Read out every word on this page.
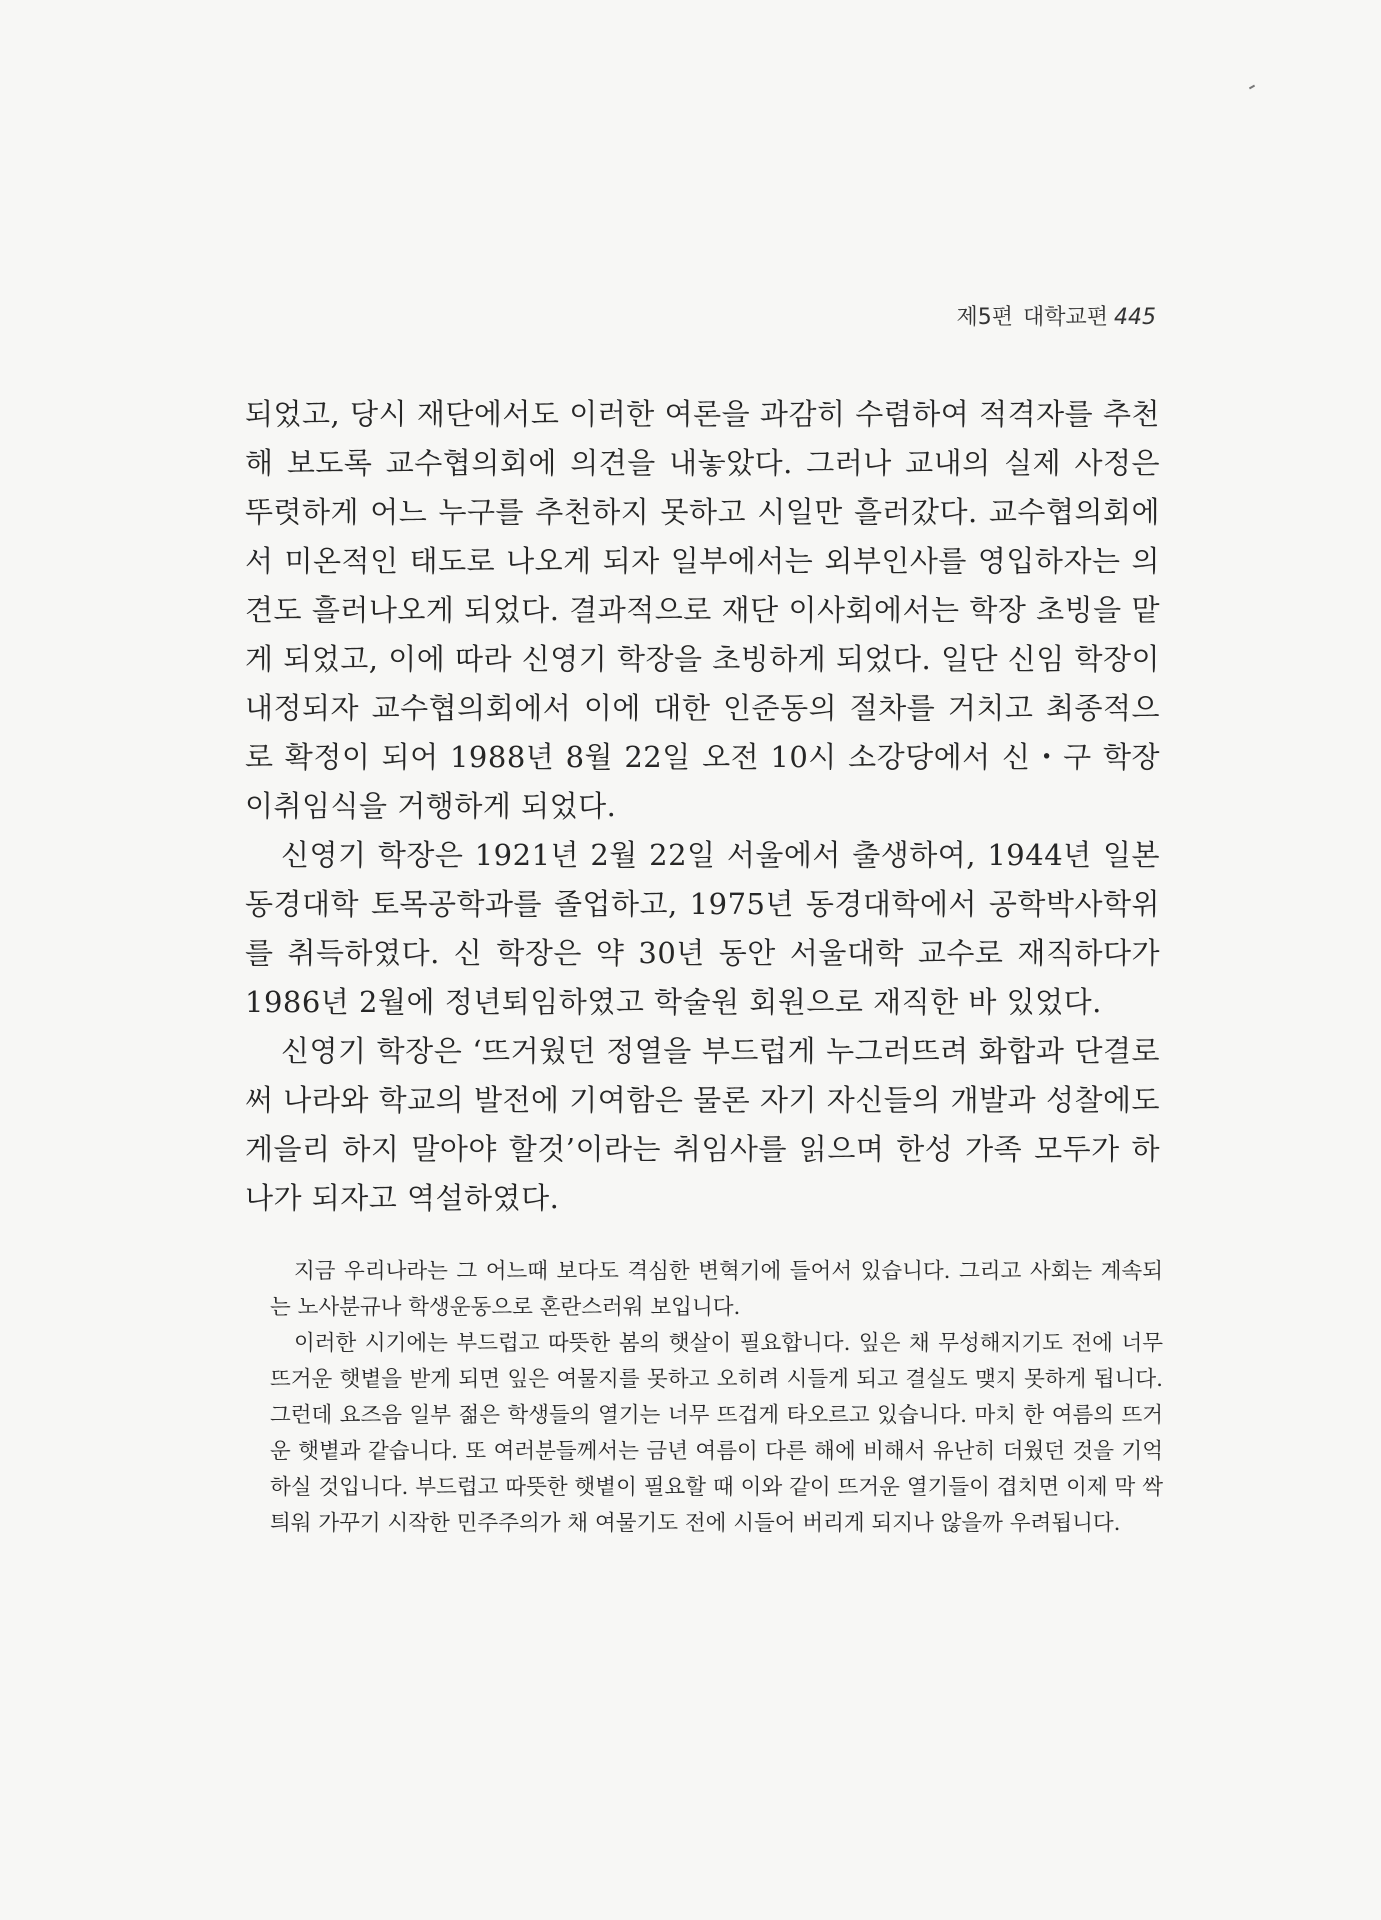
제5편 대학교편 445

되었고, 당시 재단에서도 이러한 여론을 과감히 수렴하여 적격자를 추천해 보도록 교수협의회에 의견을 내놓았다. 그러나 교내의 실제 사정은 뚜렷하게 어느 누구를 추천하지 못하고 시일만 흘러갔다. 교수협의회에서 미온적인 태도로 나오게 되자 일부에서는 외부인사를 영입하자는 의견도 흘러나오게 되었다. 결과적으로 재단 이사회에서는 학장 초빙을 맡게 되었고, 이에 따라 신영기 학장을 초빙하게 되었다. 일단 신임 학장이 내정되자 교수협의회에서 이에 대한 인준동의 절차를 거치고 최종적으로 확정이 되어 1988년 8월 22일 오전 10시 소강당에서 신・구 학장 이취임식을 거행하게 되었다.

신영기 학장은 1921년 2월 22일 서울에서 출생하여, 1944년 일본 동경대학 토목공학과를 졸업하고, 1975년 동경대학에서 공학박사학위를 취득하였다. 신 학장은 약 30년 동안 서울대학 교수로 재직하다가 1986년 2월에 정년퇴임하였고 학술원 회원으로 재직한 바 있었다.

신영기 학장은 ‘뜨거웠던 정열을 부드럽게 누그러뜨려 화합과 단결로써 나라와 학교의 발전에 기여함은 물론 자기 자신들의 개발과 성찰에도 게을리 하지 말아야 할것’이라는 취임사를 읽으며 한성 가족 모두가 하나가 되자고 역설하였다.

지금 우리나라는 그 어느때 보다도 격심한 변혁기에 들어서 있습니다. 그리고 사회는 계속되는 노사분규나 학생운동으로 혼란스러워 보입니다.

이러한 시기에는 부드럽고 따뜻한 봄의 햇살이 필요합니다. 잎은 채 무성해지기도 전에 너무 뜨거운 햇볕을 받게 되면 잎은 여물지를 못하고 오히려 시들게 되고 결실도 맺지 못하게 됩니다. 그런데 요즈음 일부 젊은 학생들의 열기는 너무 뜨겁게 타오르고 있습니다. 마치 한 여름의 뜨거운 햇볕과 같습니다. 또 여러분들께서는 금년 여름이 다른 해에 비해서 유난히 더웠던 것을 기억하실 것입니다. 부드럽고 따뜻한 햇볕이 필요할 때 이와 같이 뜨거운 열기들이 겹치면 이제 막 싹틔워 가꾸기 시작한 민주주의가 채 여물기도 전에 시들어 버리게 되지나 않을까 우려됩니다.
